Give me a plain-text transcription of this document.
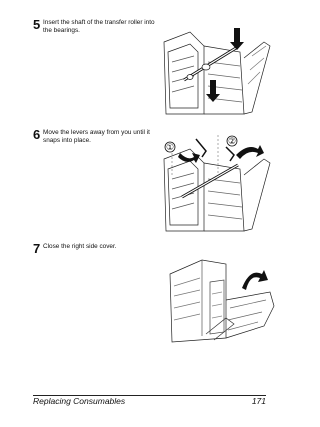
5 Insert the shaft of the transfer roller into the bearings.
6 Move the levers away from you until it snaps into place.
①
②
7 Close the right side cover.
Replacing Consumables	171
